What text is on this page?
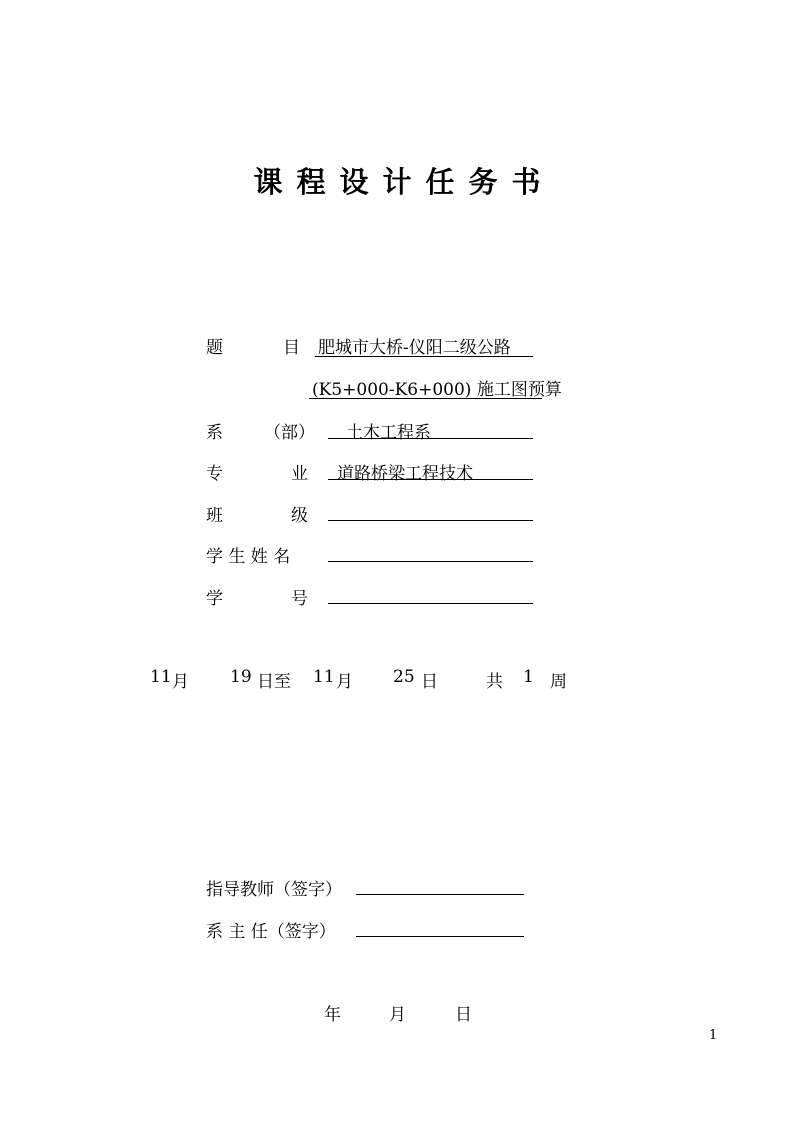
课程设计任务书
题	目 肥城市大桥-仪阳二级公路
(K5+000-K6+000) 施工图预算
系 （部） 土木工程系
专	业 道路桥梁工程技术
班	级
学 生 姓 名
学	号
11 月 19 日至 11 月 25 日	共 1 周
指导教师（签字）
系 主 任（签字）
年	月	日
1
